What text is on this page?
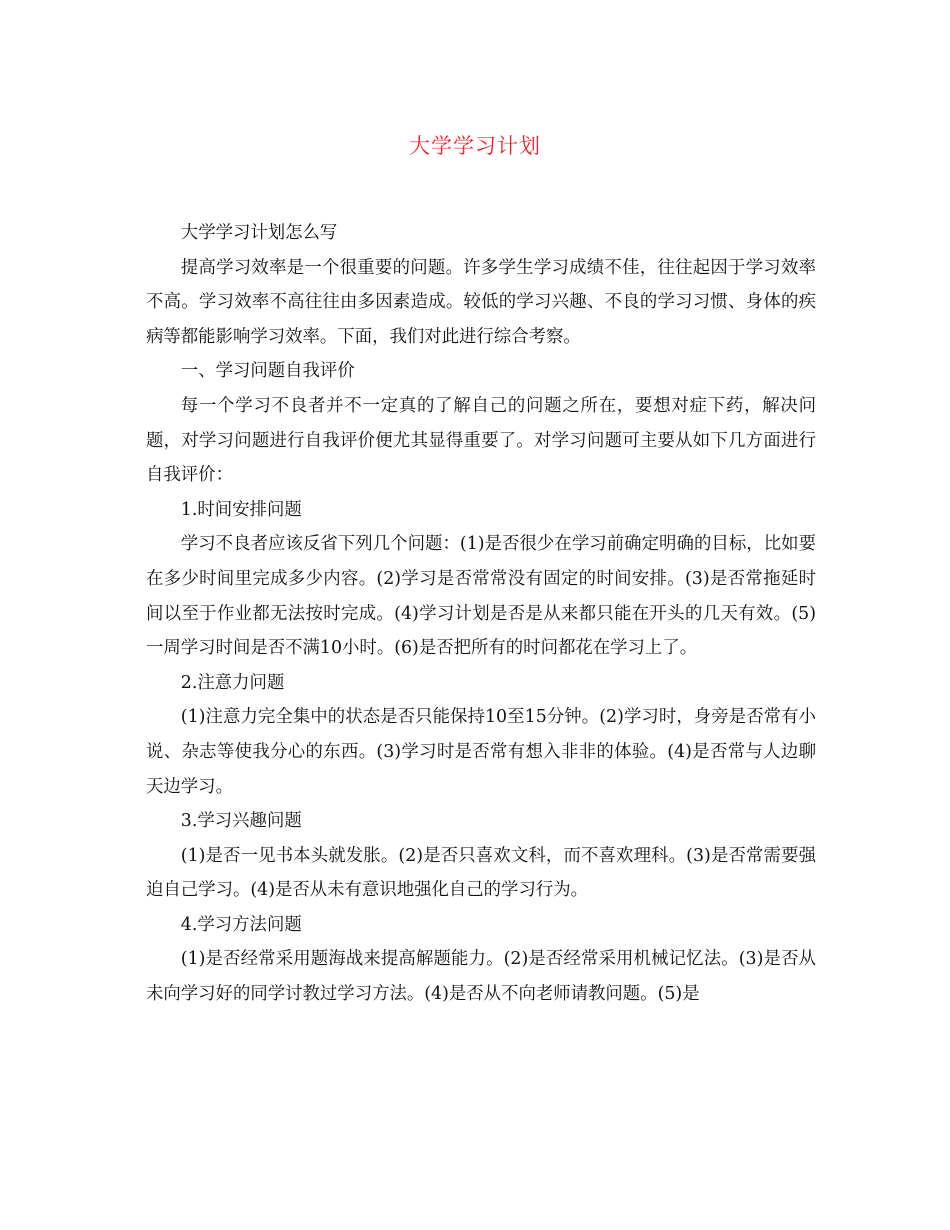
大学学习计划

大学学习计划怎么写

提高学习效率是一个很重要的问题。许多学生学习成绩不佳，往往起因于学习效率不高。学习效率不高往往由多因素造成。较低的学习兴趣、不良的学习习惯、身体的疾病等都能影响学习效率。下面，我们对此进行综合考察。

一、学习问题自我评价

每一个学习不良者并不一定真的了解自己的问题之所在，要想对症下药，解决问题，对学习问题进行自我评价便尤其显得重要了。对学习问题可主要从如下几方面进行自我评价：

1.时间安排问题

学习不良者应该反省下列几个问题：(1)是否很少在学习前确定明确的目标，比如要在多少时间里完成多少内容。(2)学习是否常常没有固定的时间安排。(3)是否常拖延时间以至于作业都无法按时完成。(4)学习计划是否是从来都只能在开头的几天有效。(5)一周学习时间是否不满10小时。(6)是否把所有的时问都花在学习上了。

2.注意力问题

(1)注意力完全集中的状态是否只能保持10至15分钟。(2)学习时，身旁是否常有小说、杂志等使我分心的东西。(3)学习时是否常有想入非非的体验。(4)是否常与人边聊天边学习。

3.学习兴趣问题

(1)是否一见书本头就发胀。(2)是否只喜欢文科，而不喜欢理科。(3)是否常需要强迫自己学习。(4)是否从未有意识地强化自己的学习行为。

4.学习方法问题

(1)是否经常采用题海战来提高解题能力。(2)是否经常采用机械记忆法。(3)是否从未向学习好的同学讨教过学习方法。(4)是否从不向老师请教问题。(5)是
